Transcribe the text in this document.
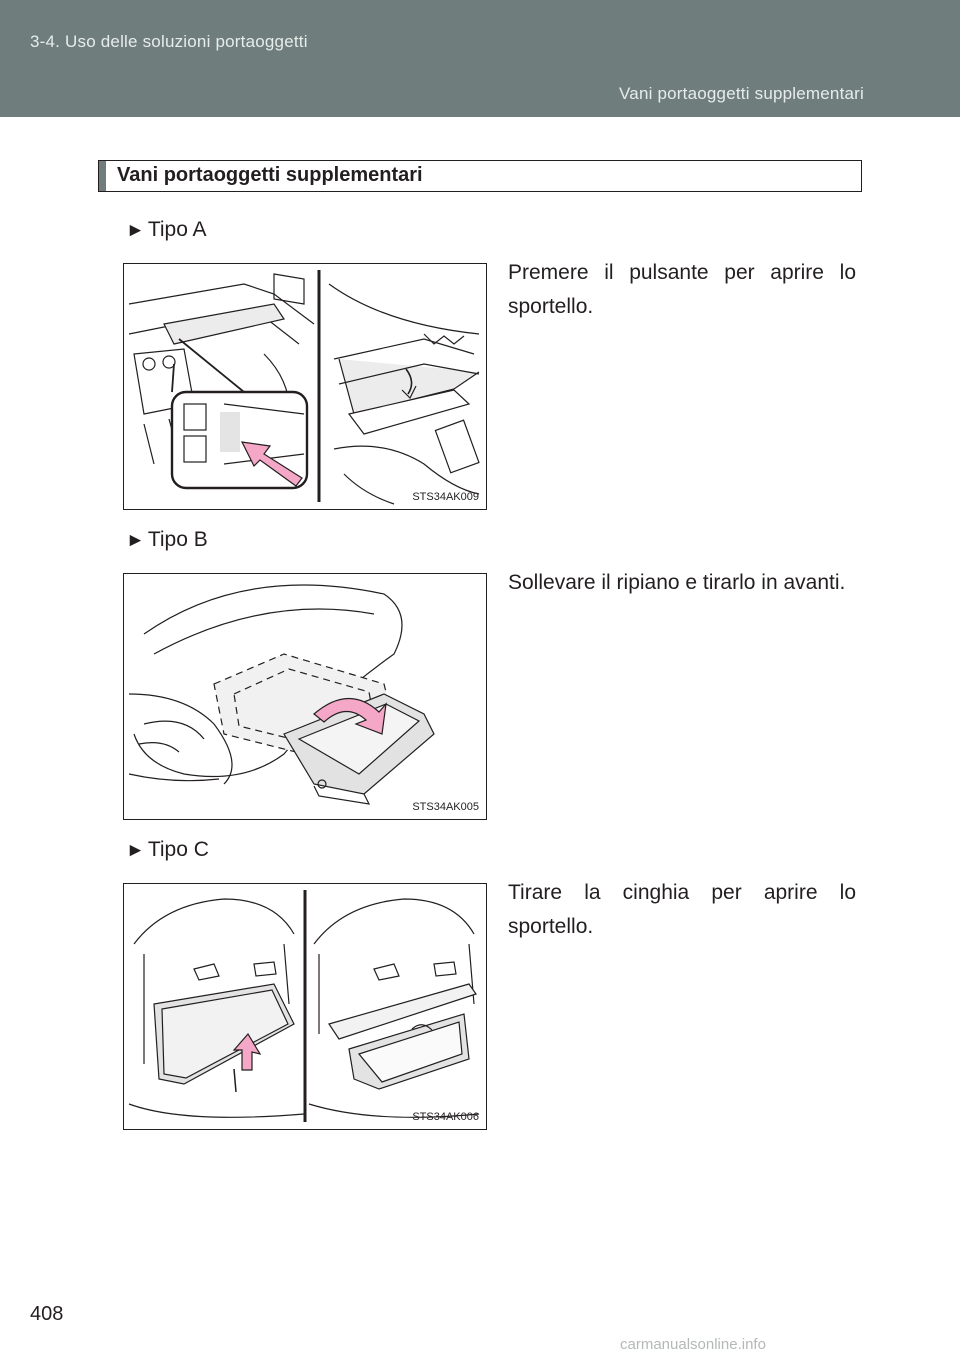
3-4. Uso delle soluzioni portaoggetti
Vani portaoggetti supplementari
Vani portaoggetti supplementari
► Tipo A
STS34AK009
Premere il pulsante per aprire lo sportello.
► Tipo B
STS34AK005
Sollevare il ripiano e tirarlo in avanti.
► Tipo C
STS34AK006
Tirare la cinghia per aprire lo sportello.
408
carmanualsonline.info
